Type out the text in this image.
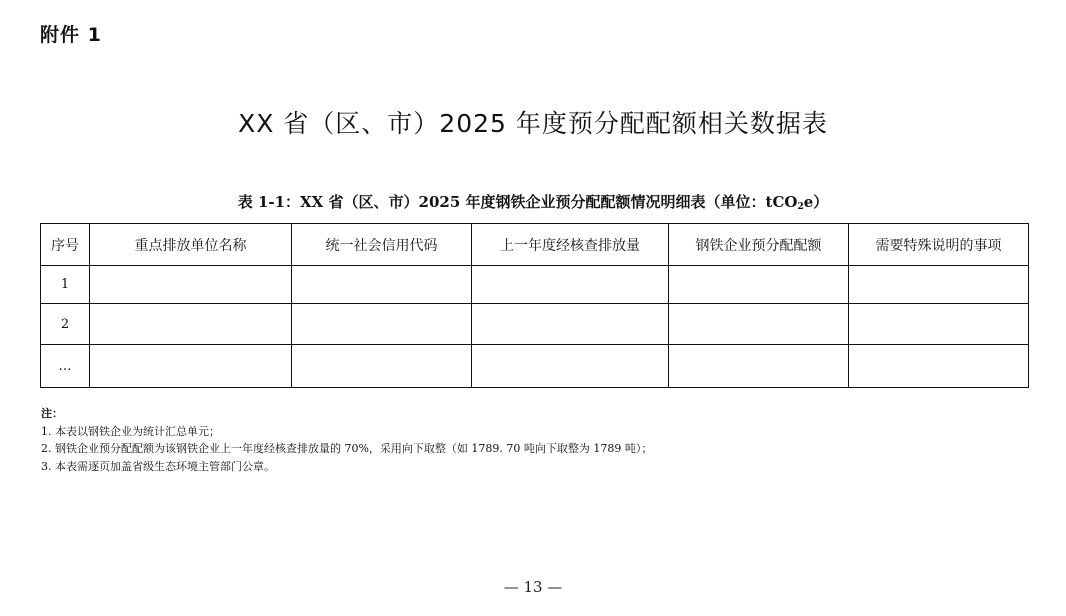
附件 1
XX 省（区、市）2025 年度预分配配额相关数据表
表 1-1：XX 省（区、市）2025 年度钢铁企业预分配配额情况明细表（单位：tCO$_2$e）
序号	重点排放单位名称	统一社会信用代码	上一年度经核查排放量	钢铁企业预分配配额	需要特殊说明的事项
1					
2					
…					
注：
1. 本表以钢铁企业为统计汇总单元；
2. 钢铁企业预分配配额为该钢铁企业上一年度经核查排放量的 70%，采用向下取整（如 1789. 70 吨向下取整为 1789 吨）；
3. 本表需逐页加盖省级生态环境主管部门公章。
— 13 —
